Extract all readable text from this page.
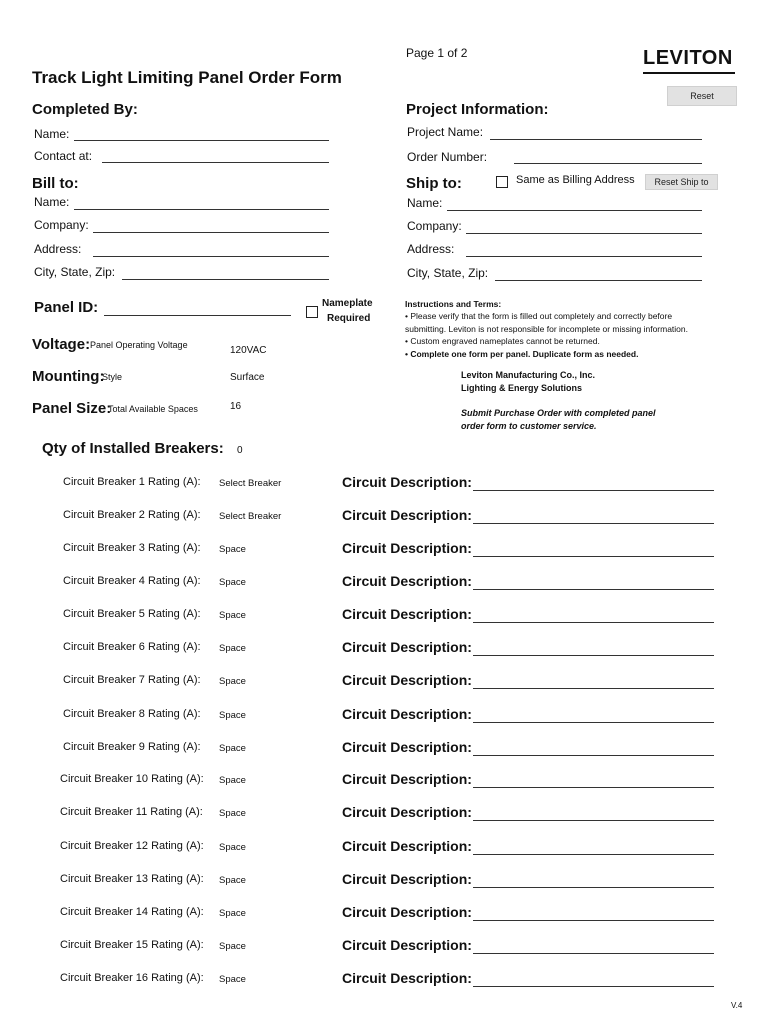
Page 1 of 2	LEVITON
Track Light Limiting Panel Order Form
Reset
Completed By:
Name:
Contact at:
Project Information:
Project Name:
Order Number:
Bill to:
Name:
Company:
Address:
City, State, Zip:
Ship to:	Same as Billing Address	Reset Ship to
Name:
Company:
Address:
City, State, Zip:
Panel ID:	Nameplate
Required
Voltage: Panel Operating Voltage	120VAC
Mounting:
Style	Surface
Panel Size:
Total Available Spaces	16
Qty of Installed Breakers: 0

Instructions and Terms:

• Please verify that the form is filled out completely and correctly before

submitting. Leviton is not responsible for incomplete or missing information.

• Custom engraved nameplates cannot be returned.

• Complete one form per panel. Duplicate form as needed.

Leviton Manufacturing Co., Inc.
Lighting & Energy Solutions
Submit Purchase Order with completed panel
order form to customer service.
Circuit Breaker 1 Rating (A): Select Breaker	Circuit Description:
Circuit Breaker 2 Rating (A): Select Breaker	Circuit Description:
Circuit Breaker 3 Rating (A): Space	Circuit Description:
Circuit Breaker 4 Rating (A): Space	Circuit Description:
Circuit Breaker 5 Rating (A): Space	Circuit Description:
Circuit Breaker 6 Rating (A): Space	Circuit Description:
Circuit Breaker 7 Rating (A): Space	Circuit Description:
Circuit Breaker 8 Rating (A): Space	Circuit Description:
Circuit Breaker 9 Rating (A): Space	Circuit Description:
Circuit Breaker 10 Rating (A): Space	Circuit Description:
Circuit Breaker 11 Rating (A): Space	Circuit Description:
Circuit Breaker 12 Rating (A): Space	Circuit Description:
Circuit Breaker 13 Rating (A): Space	Circuit Description:
Circuit Breaker 14 Rating (A): Space	Circuit Description:
Circuit Breaker 15 Rating (A): Space	Circuit Description:
Circuit Breaker 16 Rating (A): Space	Circuit Description:
V.4
